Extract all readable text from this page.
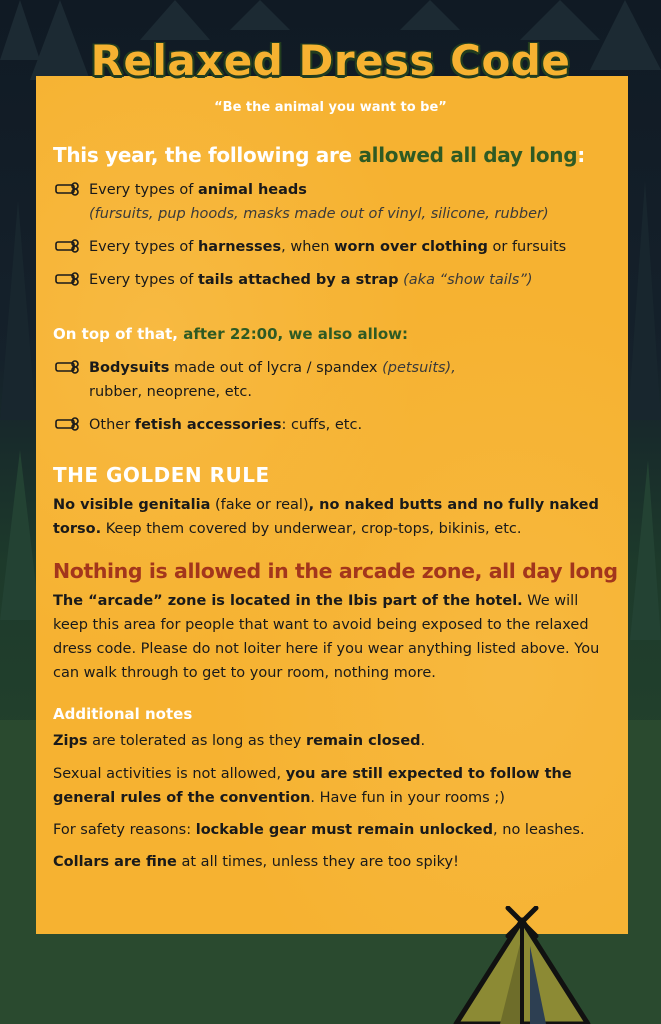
Relaxed Dress Code
“Be the animal you want to be”
This year, the following are allowed all day long:
Every types of animal heads
(fursuits, pup hoods, masks made out of vinyl, silicone, rubber)
Every types of harnesses, when worn over clothing or fursuits
Every types of tails attached by a strap (aka “show tails”)
On top of that, after 22:00, we also allow:
Bodysuits made out of lycra / spandex (petsuits),
rubber, neoprene, etc.
Other fetish accessories: cuffs, etc.
THE GOLDEN RULE
No visible genitalia (fake or real), no naked butts and no fully naked torso. Keep them covered by underwear, crop-tops, bikinis, etc.
Nothing is allowed in the arcade zone, all day long
The “arcade” zone is located in the Ibis part of the hotel. We will keep this area for people that want to avoid being exposed to the relaxed dress code. Please do not loiter here if you wear anything listed above. You can walk through to get to your room, nothing more.
Additional notes
Zips are tolerated as long as they remain closed.
Sexual activities is not allowed, you are still expected to follow the general rules of the convention. Have fun in your rooms ;)
For safety reasons: lockable gear must remain unlocked, no leashes.
Collars are fine at all times, unless they are too spiky!
